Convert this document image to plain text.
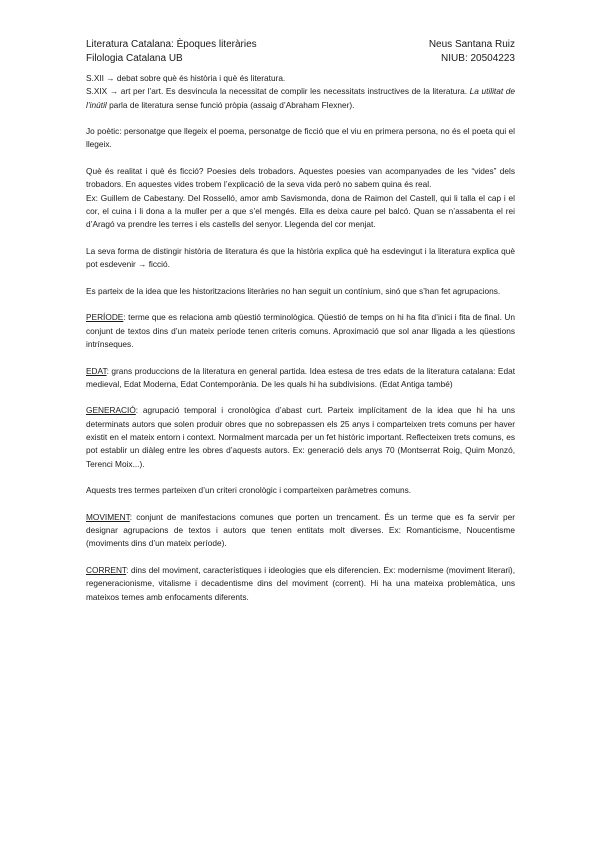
Literatura Catalana: Èpoques literàries	Neus Santana Ruiz
Filologia Catalana UB	NIUB: 20504223

S.XII → debat sobre què és història i què és literatura.

S.XIX → art per l’art. Es desvincula la necessitat de complir les necessitats instructives de la literatura. La utilitat de l’inútil parla de literatura sense funció pròpia (assaig d’Abraham Flexner).

Jo poètic: personatge que llegeix el poema, personatge de ficció que el viu en primera persona, no és el poeta qui el llegeix.

Què és realitat i què és ficció? Poesies dels trobadors. Aquestes poesies van acompanyades de les “vides” dels trobadors. En aquestes vides trobem l’explicació de la seva vida però no sabem quina és real.

Ex: Guillem de Cabestany. Del Rosselló, amor amb Savismonda, dona de Raimon del Castell, qui li talla el cap i el cor, el cuina i li dona a la muller per a que s’el mengés. Ella es deixa caure pel balcó. Quan se n’assabenta el rei d’Aragó va prendre les terres i els castells del senyor. Llegenda del cor menjat.

La seva forma de distingir història de literatura és que la història explica què ha esdevingut i la literatura explica què pot esdevenir → ficció.

Es parteix de la idea que les historitzacions literàries no han seguit un contínium, sinó que s’han fet agrupacions.

PERÍODE: terme que es relaciona amb qüestió terminològica. Qüestió de temps on hi ha fita d’inici i fita de final. Un conjunt de textos dins d’un mateix període tenen criteris comuns. Aproximació que sol anar lligada a les qüestions intrínseques.

EDAT: grans produccions de la literatura en general partida. Idea estesa de tres edats de la literatura catalana: Edat medieval, Edat Moderna, Edat Contemporània. De les quals hi ha subdivisions. (Edat Antiga també)

GENERACIÓ: agrupació temporal i cronològica d’abast curt. Parteix implícitament de la idea que hi ha uns determinats autors que solen produir obres que no sobrepassen els 25 anys i comparteixen trets comuns per haver existit en el mateix entorn i context. Normalment marcada per un fet històric important. Reflecteixen trets comuns, es pot establir un diàleg entre les obres d’aquests autors. Ex: generació dels anys 70 (Montserrat Roig, Quim Monzó, Terenci Moix...).

Aquests tres termes parteixen d’un criteri cronològic i comparteixen paràmetres comuns.

MOVIMENT: conjunt de manifestacions comunes que porten un trencament. És un terme que es fa servir per designar agrupacions de textos i autors que tenen entitats molt diverses. Ex: Romanticisme, Noucentisme (moviments dins d’un mateix període).

CORRENT: dins del moviment, característiques i ideologies que els diferencien. Ex: modernisme (moviment literari), regeneracionisme, vitalisme i decadentisme dins del moviment (corrent). Hi ha una mateixa problemàtica, uns mateixos temes amb enfocaments diferents.
